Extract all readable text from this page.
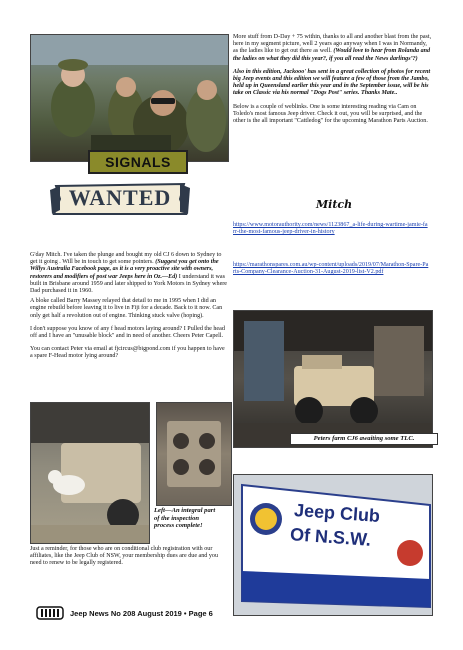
SIGNALS
WANTED

G'day Mitch. I've taken the plunge and bought my old CJ 6 down to Sydney to get it going . Will be in touch to get some pointers. (Suggest you get onto the Willys Australia Facebook page, as it is a very proactive site with owners, restorers and modifiers of post war Jeeps here in Oz.—Ed) I understand it was built in Brisbane around 1959 and later shipped to York Motors in Sydney where Dad purchased it in 1960.

A bloke called Barry Massey relayed that detail to me in 1995 when I did an engine rebuild before leaving it to live in Fiji for a decade. Back to it now. Can only get half a revolution out of engine. Thinking stuck valve (hoping).

I don't suppose you know of any f head motors laying around? I Pulled the head off and I have an "unusable block" and in need of another. Cheers Peter Capell.

You can contact Peter via email at fjcircus@bigpond.com if you happen to have a spare F-Head motor lying around?

More stuff from D-Day + 75 within, thanks to all and another blast from the past, here in my segment picture, well 2 years ago anyway when I was in Normandy, as the ladies like to get out there as well. (Would love to hear from Rolanda and the ladies on what they did this year?, if you all read the News darlings’?)

Also in this edition, Jackooo' has sent in a great collection of photos for recent big Jeep events and this edition we will feature a few of those from the Jambo, held up in Queensland earlier this year and in the September issue, will be his take on Classic via his normal "Dogs Post" series. Thanks Mate..

Below is a couple of weblinks. One is some interesting reading via Cam on Toledo's most famous Jeep driver. Check it out, you will be surprised, and the other is the all important "Cattledog" for the upcoming Marathon Parts Auction.

Mitch
https://www.motorauthority.com/news/1123867_a-life-during-wartime-jamie-farr-the-most-famous-jeep-driver-in-history
https://marathonspares.com.au/wp-content/uploads/2019/07/Marathon-Spare-Parts-Company-Clearance-Auction-31-August-2019-list-V2.pdf
Peters farm CJ6 awaiting some TLC.
Left—An integral part
of the inspection
process complete!	Jeep Club
Of N.S.W.
Just a reminder, for those who are on conditional club registration with our affiliates, like the Jeep Club of NSW, your membership dues are due and you need to renew to be legally registered.
Jeep News No 208 August 2019 • Page 6
